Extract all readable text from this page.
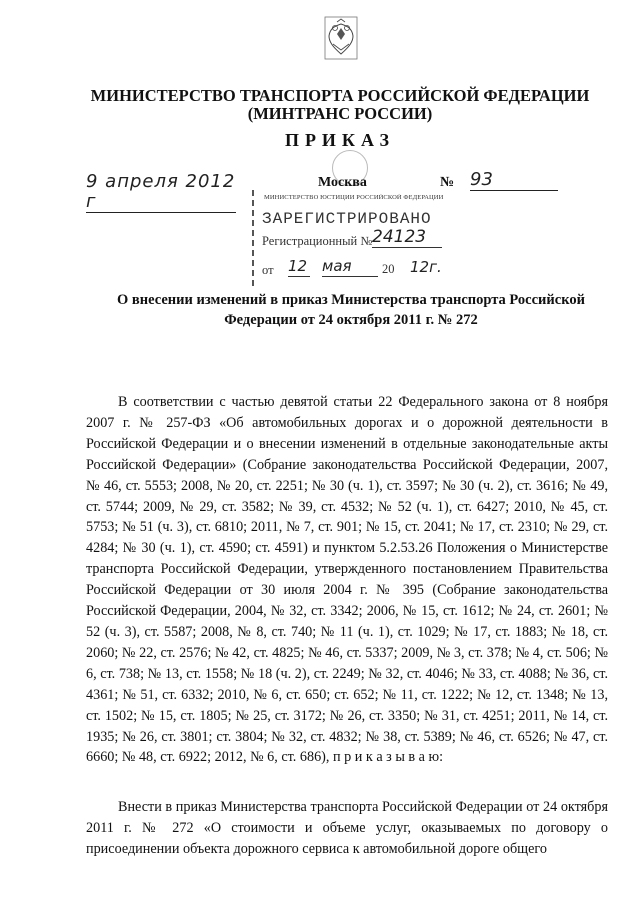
МИНИСТЕРСТВО ТРАНСПОРТА РОССИЙСКОЙ ФЕДЕРАЦИИ

(МИНТРАНС РОССИИ)

ПРИКАЗ

9 апреля 2012 г
Москва	№ 93
МИНИСТЕРСТВО ЮСТИЦИИ РОССИЙСКОЙ ФЕДЕРАЦИИ
ЗАРЕГИСТРИРОВАНО
Регистрационный № 24123
от 12 мая	20 12г.
О внесении изменений в приказ Министерства транспорта Российской
Федерации от 24 октября 2011 г. № 272

В соответствии с частью девятой статьи 22 Федерального закона от 8 ноября 2007 г. № 257-ФЗ «Об автомобильных дорогах и о дорожной деятельности в Российской Федерации и о внесении изменений в отдельные законодательные акты Российской Федерации» (Собрание законодательства Российской Федерации, 2007, № 46, ст. 5553; 2008, № 20, ст. 2251; № 30 (ч. 1), ст. 3597; № 30 (ч. 2), ст. 3616; № 49, ст. 5744; 2009, № 29, ст. 3582; № 39, ст. 4532; № 52 (ч. 1), ст. 6427; 2010, № 45, ст. 5753; № 51 (ч. 3), ст. 6810; 2011, № 7, ст. 901; № 15, ст. 2041; № 17, ст. 2310; № 29, ст. 4284; № 30 (ч. 1), ст. 4590; ст. 4591) и пунктом 5.2.53.26 Положения о Министерстве транспорта Российской Федерации, утвержденного постановлением Правительства Российской Федерации от 30 июля 2004 г. № 395 (Собрание законодательства Российской Федерации, 2004, № 32, ст. 3342; 2006, № 15, ст. 1612; № 24, ст. 2601; № 52 (ч. 3), ст. 5587; 2008, № 8, ст. 740; № 11 (ч. 1), ст. 1029; № 17, ст. 1883; № 18, ст. 2060; № 22, ст. 2576; № 42, ст. 4825; № 46, ст. 5337; 2009, № 3, ст. 378; № 4, ст. 506; № 6, ст. 738; № 13, ст. 1558; № 18 (ч. 2), ст. 2249; № 32, ст. 4046; № 33, ст. 4088; № 36, ст. 4361; № 51, ст. 6332; 2010, № 6, ст. 650; ст. 652; № 11, ст. 1222; № 12, ст. 1348; № 13, ст. 1502; № 15, ст. 1805; № 25, ст. 3172; № 26, ст. 3350; № 31, ст. 4251; 2011, № 14, ст. 1935; № 26, ст. 3801; ст. 3804; № 32, ст. 4832; № 38, ст. 5389; № 46, ст. 6526; № 47, ст. 6660; № 48, ст. 6922; 2012, № 6, ст. 686), п р и к а з ы в а ю:

Внести в приказ Министерства транспорта Российской Федерации от 24 октября 2011 г. № 272 «О стоимости и объеме услуг, оказываемых по договору о присоединении объекта дорожного сервиса к автомобильной дороге общего
